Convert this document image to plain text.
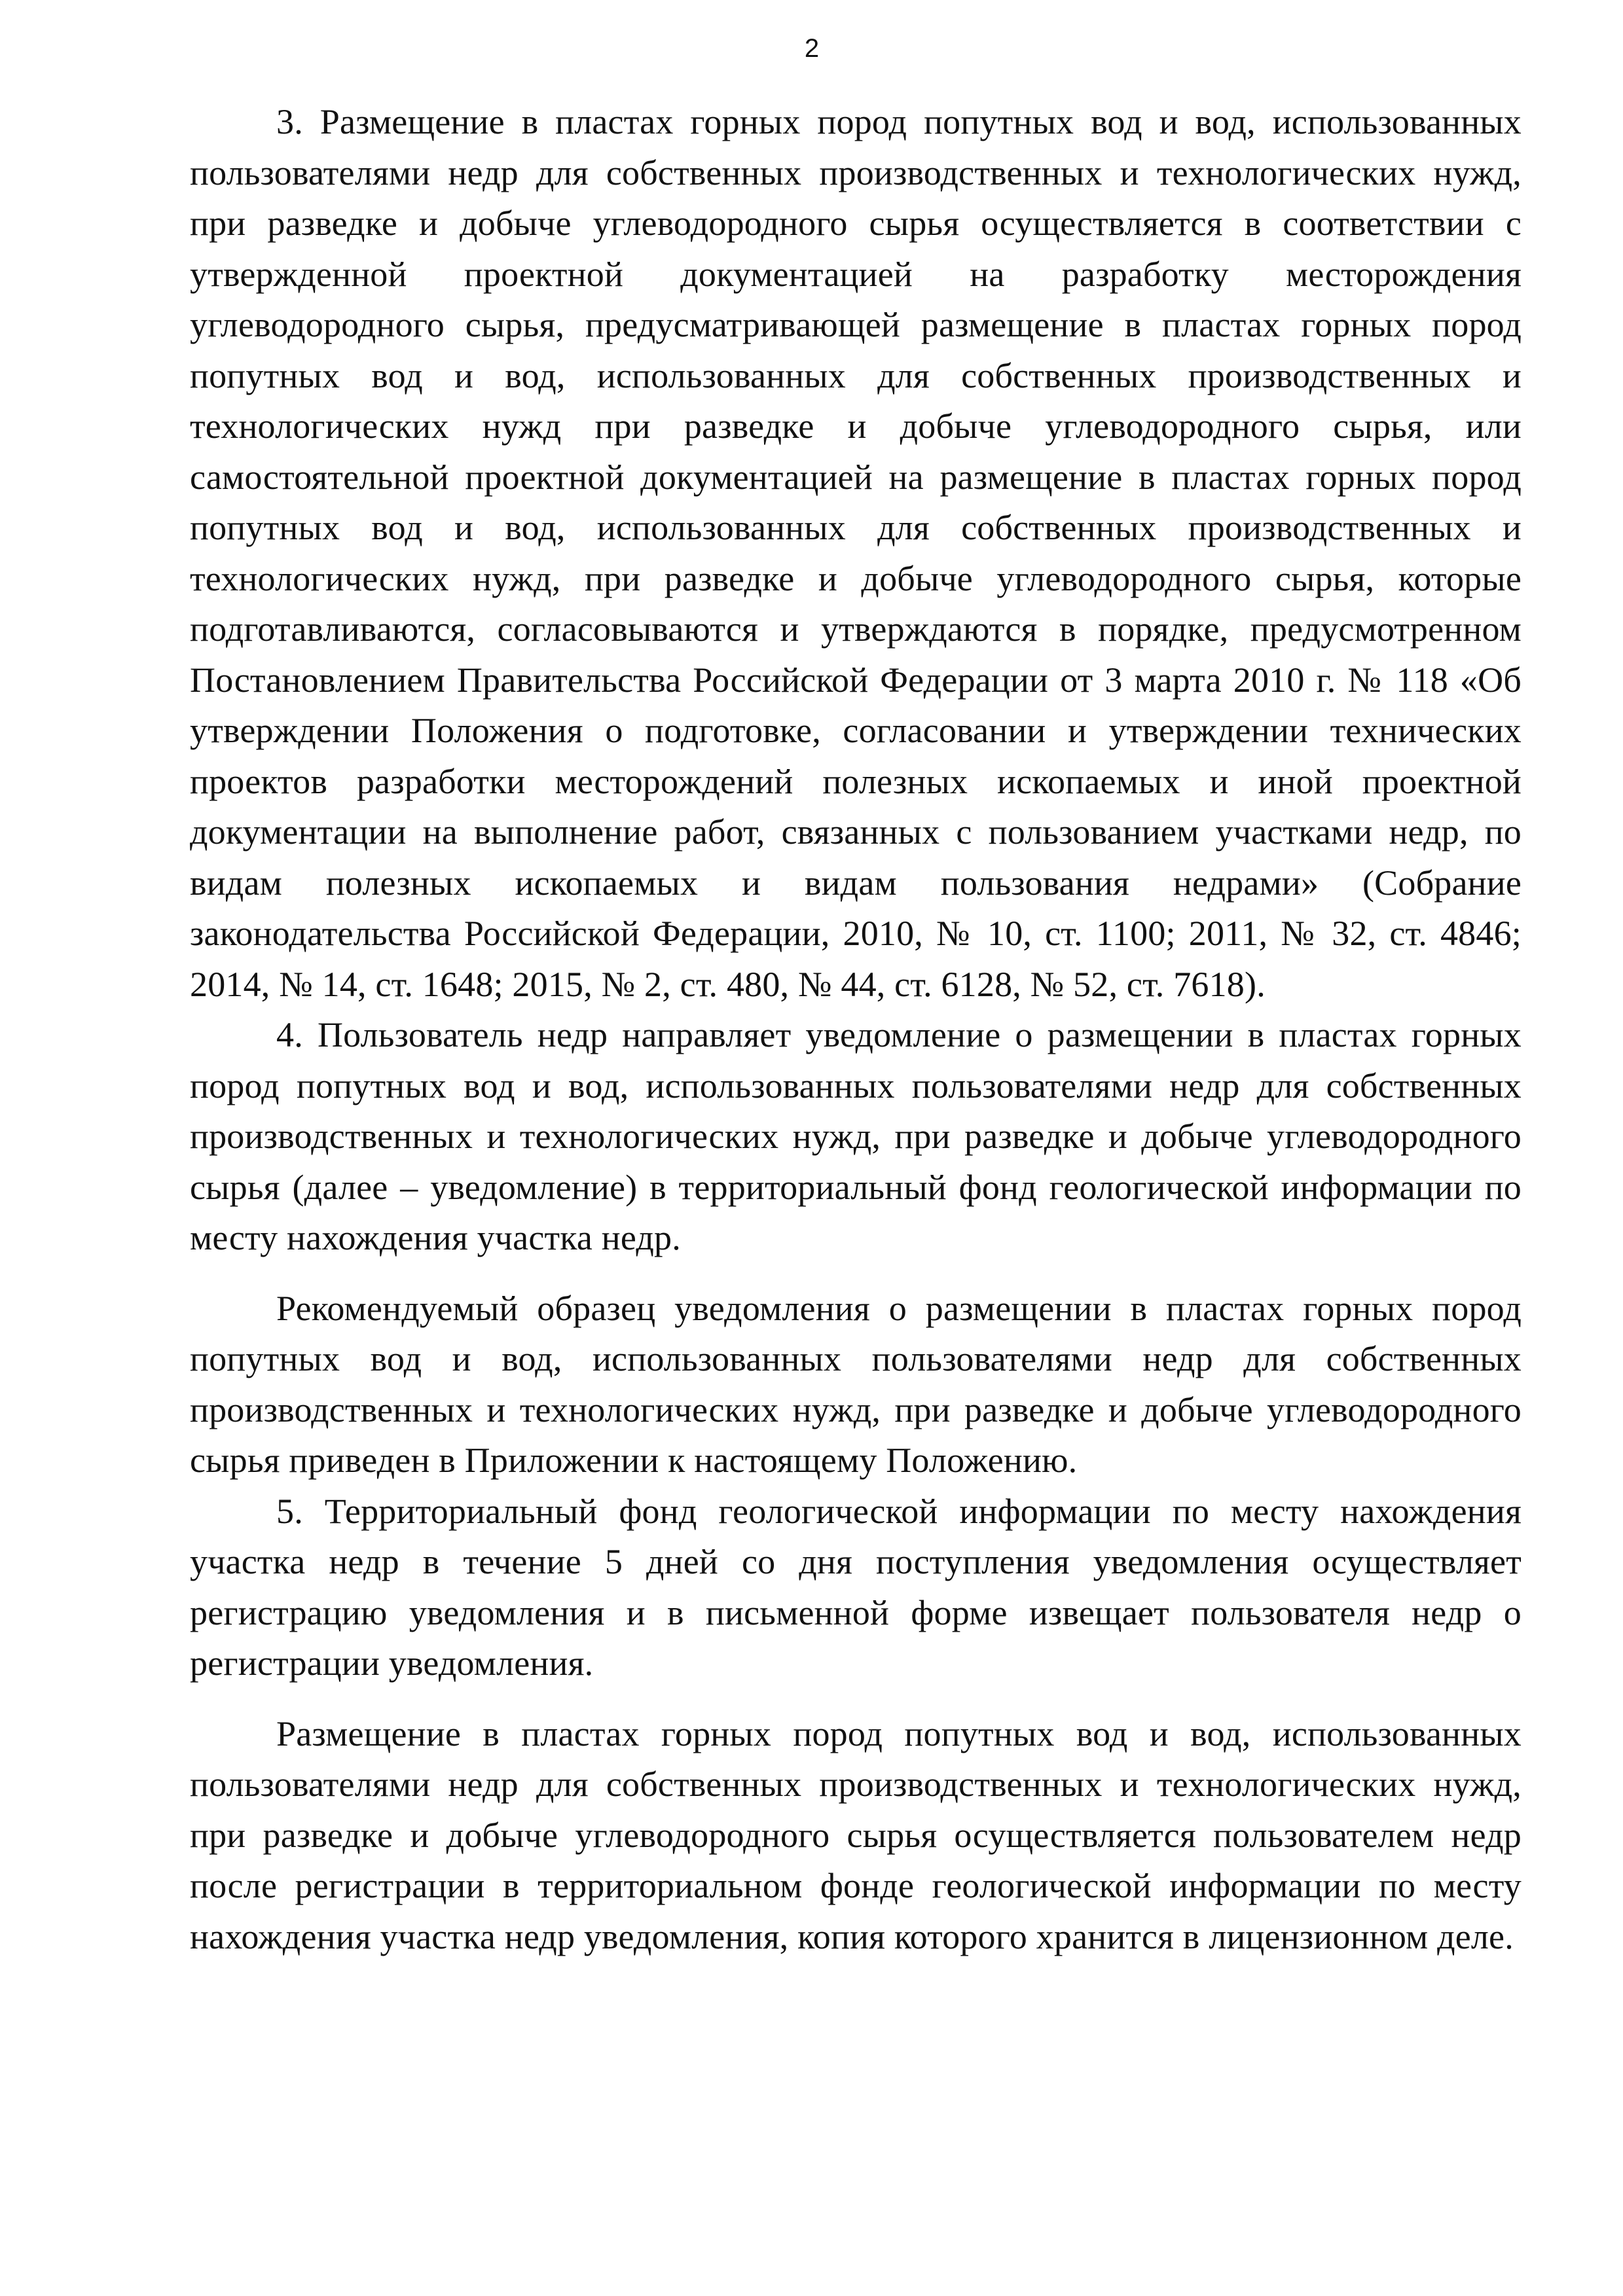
2

3. Размещение в пластах горных пород попутных вод и вод, использованных пользователями недр для собственных производственных и технологических нужд, при разведке и добыче углеводородного сырья осуществляется в соответствии с утвержденной проектной документацией на разработку месторождения углеводородного сырья, предусматривающей размещение в пластах горных пород попутных вод и вод, использованных для собственных производственных и технологических нужд при разведке и добыче углеводородного сырья, или самостоятельной проектной документацией на размещение в пластах горных пород попутных вод и вод, использованных для собственных производственных и технологических нужд, при разведке и добыче углеводородного сырья, которые подготавливаются, согласовываются и утверждаются в порядке, предусмотренном Постановлением Правительства Российской Федерации от 3 марта 2010 г. № 118 «Об утверждении Положения о подготовке, согласовании и утверждении технических проектов разработки месторождений полезных ископаемых и иной проектной документации на выполнение работ, связанных с пользованием участками недр, по видам полезных ископаемых и видам пользования недрами» (Собрание законодательства Российской Федерации, 2010, № 10, ст. 1100; 2011, № 32, ст. 4846; 2014, № 14, ст. 1648; 2015, № 2, ст. 480, № 44, ст. 6128, № 52, ст. 7618).

4. Пользователь недр направляет уведомление о размещении в пластах горных пород попутных вод и вод, использованных пользователями недр для собственных производственных и технологических нужд, при разведке и добыче углеводородного сырья (далее – уведомление) в территориальный фонд геологической информации по месту нахождения участка недр.

Рекомендуемый образец уведомления о размещении в пластах горных пород попутных вод и вод, использованных пользователями недр для собственных производственных и технологических нужд, при разведке и добыче углеводородного сырья приведен в Приложении к настоящему Положению.

5. Территориальный фонд геологической информации по месту нахождения участка недр в течение 5 дней со дня поступления уведомления осуществляет регистрацию уведомления и в письменной форме извещает пользователя недр о регистрации уведомления.

Размещение в пластах горных пород попутных вод и вод, использованных пользователями недр для собственных производственных и технологических нужд, при разведке и добыче углеводородного сырья осуществляется пользователем недр после регистрации в территориальном фонде геологической информации по месту нахождения участка недр уведомления, копия которого хранится в лицензионном деле.
